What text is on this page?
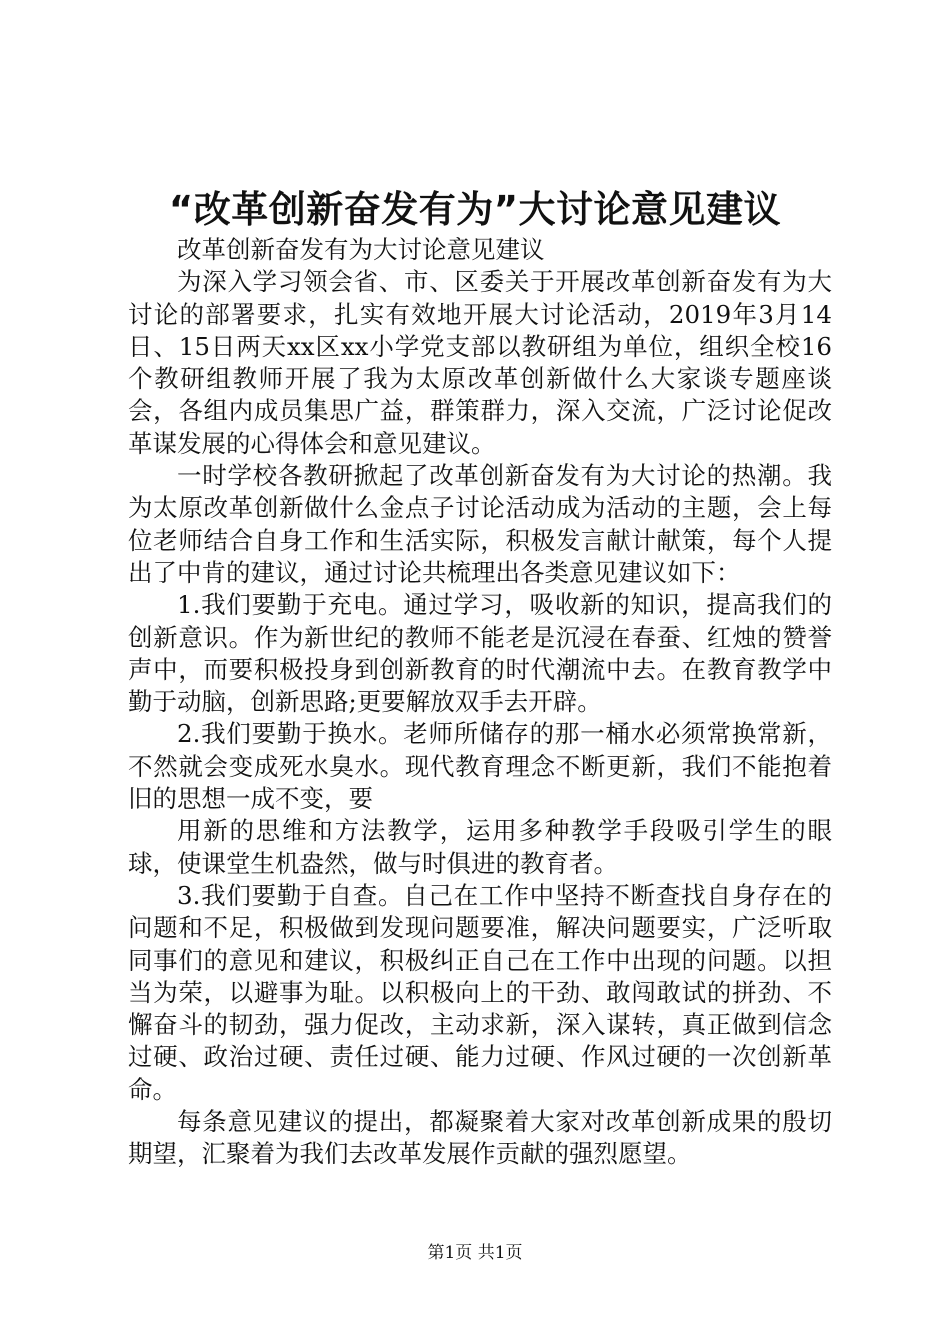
“改革创新奋发有为”大讨论意见建议

改革创新奋发有为大讨论意见建议

为深入学习领会省、市、区委关于开展改革创新奋发有为大讨论的部署要求，扎实有效地开展大讨论活动，2019年3月14日、15日两天xx区xx小学党支部以教研组为单位，组织全校16个教研组教师开展了我为太原改革创新做什么大家谈专题座谈会，各组内成员集思广益，群策群力，深入交流，广泛讨论促改革谋发展的心得体会和意见建议。

一时学校各教研掀起了改革创新奋发有为大讨论的热潮。我为太原改革创新做什么金点子讨论活动成为活动的主题，会上每位老师结合自身工作和生活实际，积极发言献计献策，每个人提出了中肯的建议，通过讨论共梳理出各类意见建议如下：

1.我们要勤于充电。通过学习，吸收新的知识，提高我们的创新意识。作为新世纪的教师不能老是沉浸在春蚕、红烛的赞誉声中，而要积极投身到创新教育的时代潮流中去。在教育教学中勤于动脑，创新思路;更要解放双手去开辟。

2.我们要勤于换水。老师所储存的那一桶水必须常换常新，不然就会变成死水臭水。现代教育理念不断更新，我们不能抱着旧的思想一成不变，要

用新的思维和方法教学，运用多种教学手段吸引学生的眼球，使课堂生机盎然，做与时俱进的教育者。

3.我们要勤于自查。自己在工作中坚持不断查找自身存在的问题和不足，积极做到发现问题要准，解决问题要实，广泛听取同事们的意见和建议，积极纠正自己在工作中出现的问题。以担当为荣，以避事为耻。以积极向上的干劲、敢闯敢试的拼劲、不懈奋斗的韧劲，强力促改，主动求新，深入谋转，真正做到信念过硬、政治过硬、责任过硬、能力过硬、作风过硬的一次创新革命。

每条意见建议的提出，都凝聚着大家对改革创新成果的殷切期望，汇聚着为我们去改革发展作贡献的强烈愿望。

第1页 共1页
